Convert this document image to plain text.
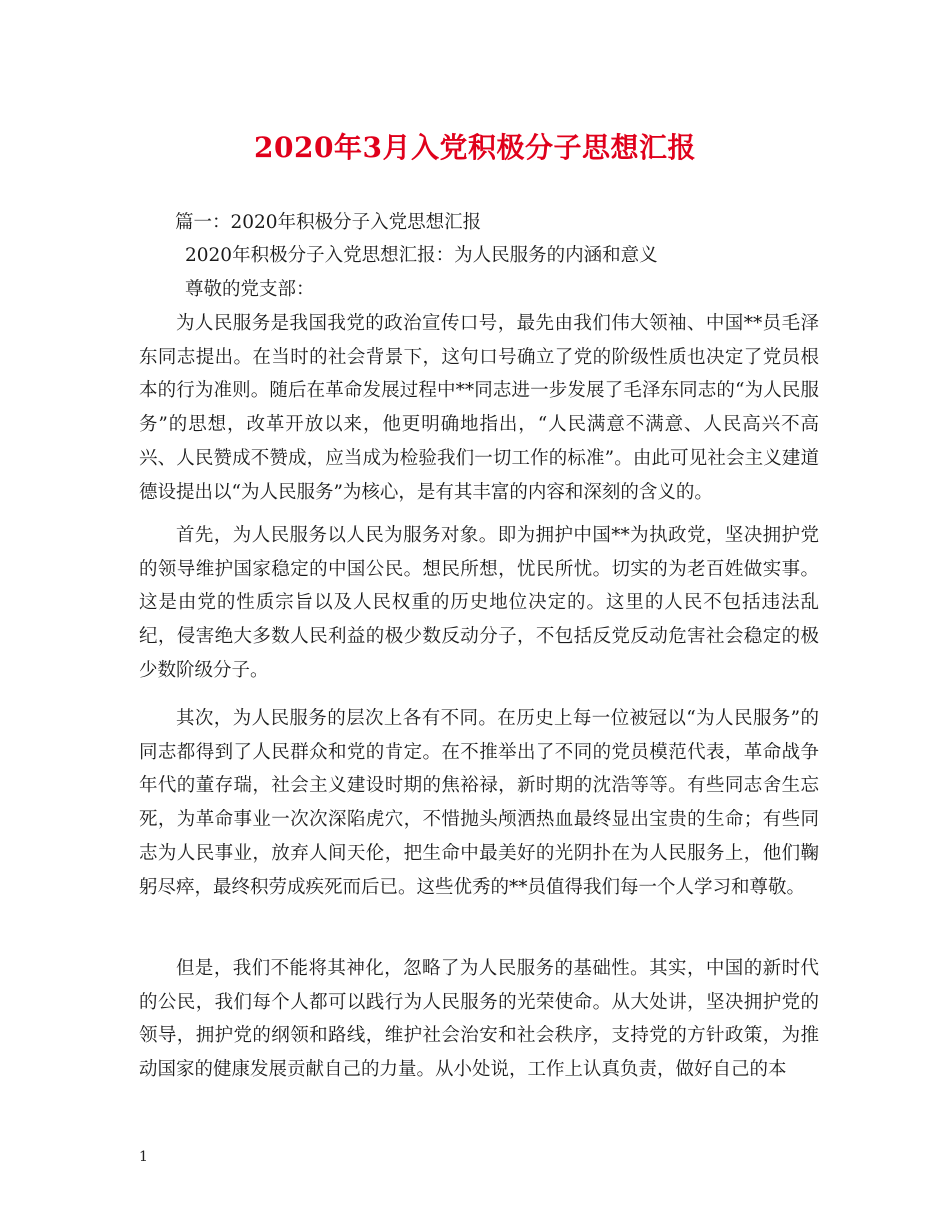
2020年3月入党积极分子思想汇报
篇一：2020年积极分子入党思想汇报
2020年积极分子入党思想汇报：为人民服务的内涵和意义
尊敬的党支部：

为人民服务是我国我党的政治宣传口号，最先由我们伟大领袖、中国**员毛泽东同志提出。在当时的社会背景下，这句口号确立了党的阶级性质也决定了党员根本的行为准则。随后在革命发展过程中**同志进一步发展了毛泽东同志的“为人民服务”的思想，改革开放以来，他更明确地指出，“人民满意不满意、人民高兴不高兴、人民赞成不赞成，应当成为检验我们一切工作的标准”。由此可见社会主义建道德设提出以“为人民服务”为核心，是有其丰富的内容和深刻的含义的。

首先，为人民服务以人民为服务对象。即为拥护中国**为执政党，坚决拥护党的领导维护国家稳定的中国公民。想民所想，忧民所忧。切实的为老百姓做实事。这是由党的性质宗旨以及人民权重的历史地位决定的。这里的人民不包括违法乱纪，侵害绝大多数人民利益的极少数反动分子，不包括反党反动危害社会稳定的极少数阶级分子。

其次，为人民服务的层次上各有不同。在历史上每一位被冠以“为人民服务”的同志都得到了人民群众和党的肯定。在不推举出了不同的党员模范代表，革命战争年代的董存瑞，社会主义建设时期的焦裕禄，新时期的沈浩等等。有些同志舍生忘死，为革命事业一次次深陷虎穴，不惜抛头颅洒热血最终显出宝贵的生命；有些同志为人民事业，放弃人间天伦，把生命中最美好的光阴扑在为人民服务上，他们鞠躬尽瘁，最终积劳成疾死而后已。这些优秀的**员值得我们每一个人学习和尊敬。

但是，我们不能将其神化，忽略了为人民服务的基础性。其实，中国的新时代的公民，我们每个人都可以践行为人民服务的光荣使命。从大处讲，坚决拥护党的领导，拥护党的纲领和路线，维护社会治安和社会秩序，支持党的方针政策，为推动国家的健康发展贡献自己的力量。从小处说，工作上认真负责，做好自己的本

1
